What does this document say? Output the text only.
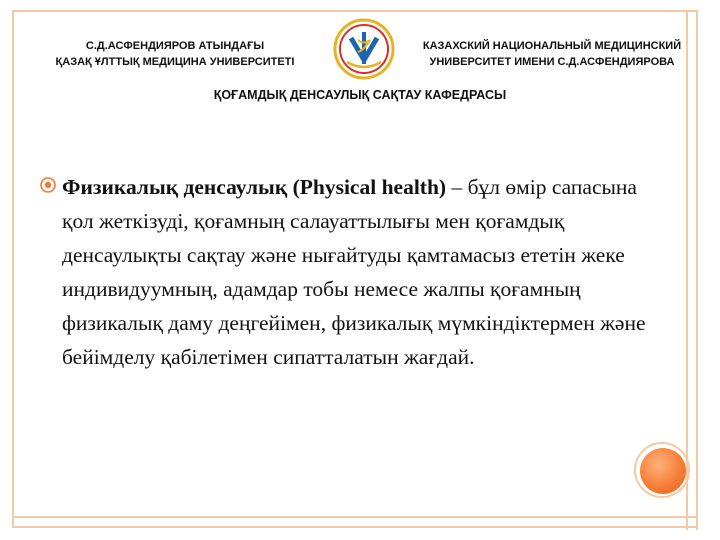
С.Д.АСФЕНДИЯРОВ АТЫНДАҒЫ
ҚАЗАҚ ҰЛТТЫҚ МЕДИЦИНА УНИВЕРСИТЕТІ
КАЗАХСКИЙ НАЦИОНАЛЬНЫЙ МЕДИЦИНСКИЙ
УНИВЕРСИТЕТ ИМЕНИ С.Д.АСФЕНДИЯРОВА
ҚОҒАМДЫҚ ДЕНСАУЛЫҚ САҚТАУ КАФЕДРАСЫ
Физикалық денсаулық (Physical health) – бұл өмір сапасына қол жеткізуді, қоғамның салауаттылығы мен қоғамдық денсаулықты сақтау және нығайтуды қамтамасыз ететін жеке индивидуумның, адамдар тобы немесе жалпы қоғамның физикалық даму деңгейімен, физикалық мүмкіндіктермен және бейімделу қабілетімен сипатталатын жағдай.
